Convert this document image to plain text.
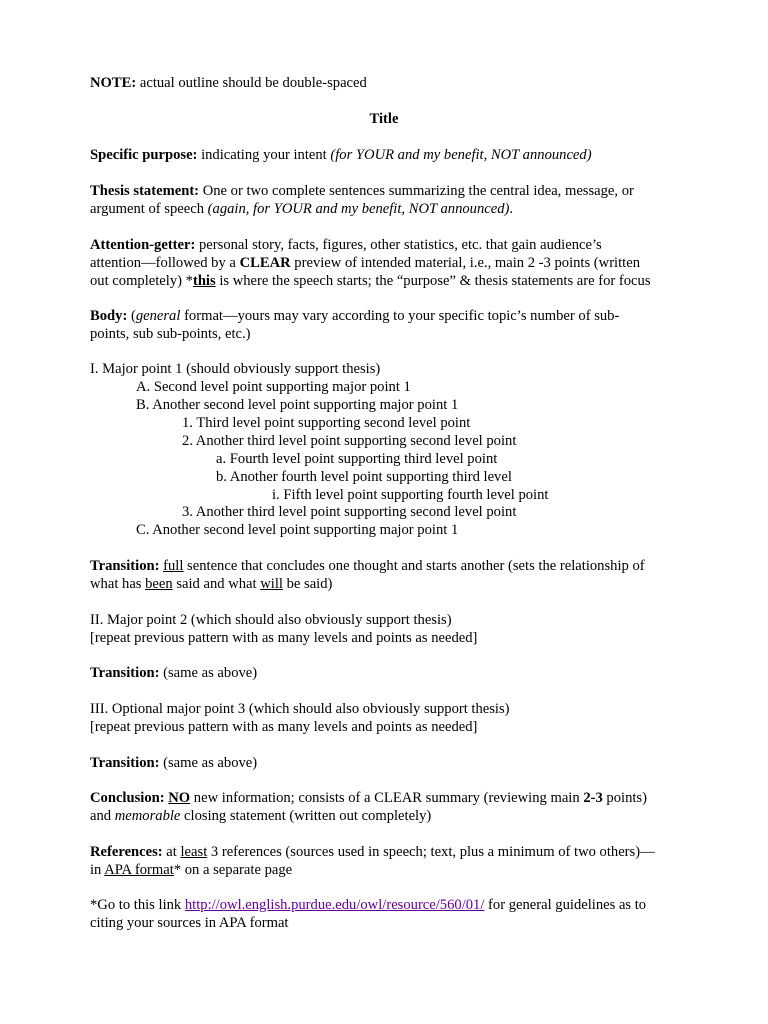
NOTE: actual outline should be double-spaced
Title
Specific purpose: indicating your intent (for YOUR and my benefit, NOT announced)
Thesis statement: One or two complete sentences summarizing the central idea, message, or
argument of speech (again, for YOUR and my benefit, NOT announced).
Attention-getter: personal story, facts, figures, other statistics, etc. that gain audience’s
attention—followed by a CLEAR preview of intended material, i.e., main 2 -3 points (written
out completely) *this is where the speech starts; the “purpose” & thesis statements are for focus
Body: (general format—yours may vary according to your specific topic’s number of sub-
points, sub sub-points, etc.)
I. Major point 1 (should obviously support thesis)
A. Second level point supporting major point 1
B. Another second level point supporting major point 1
1. Third level point supporting second level point
2. Another third level point supporting second level point
a. Fourth level point supporting third level point
b. Another fourth level point supporting third level
i. Fifth level point supporting fourth level point
3. Another third level point supporting second level point
C. Another second level point supporting major point 1
Transition: full sentence that concludes one thought and starts another (sets the relationship of
what has been said and what will be said)
II. Major point 2 (which should also obviously support thesis)
[repeat previous pattern with as many levels and points as needed]
Transition: (same as above)
III. Optional major point 3 (which should also obviously support thesis)
[repeat previous pattern with as many levels and points as needed]
Transition: (same as above)
Conclusion: NO new information; consists of a CLEAR summary (reviewing main 2-3 points)
and memorable closing statement (written out completely)
References: at least 3 references (sources used in speech; text, plus a minimum of two others)—
in APA format* on a separate page
*Go to this link http://owl.english.purdue.edu/owl/resource/560/01/ for general guidelines as to
citing your sources in APA format
